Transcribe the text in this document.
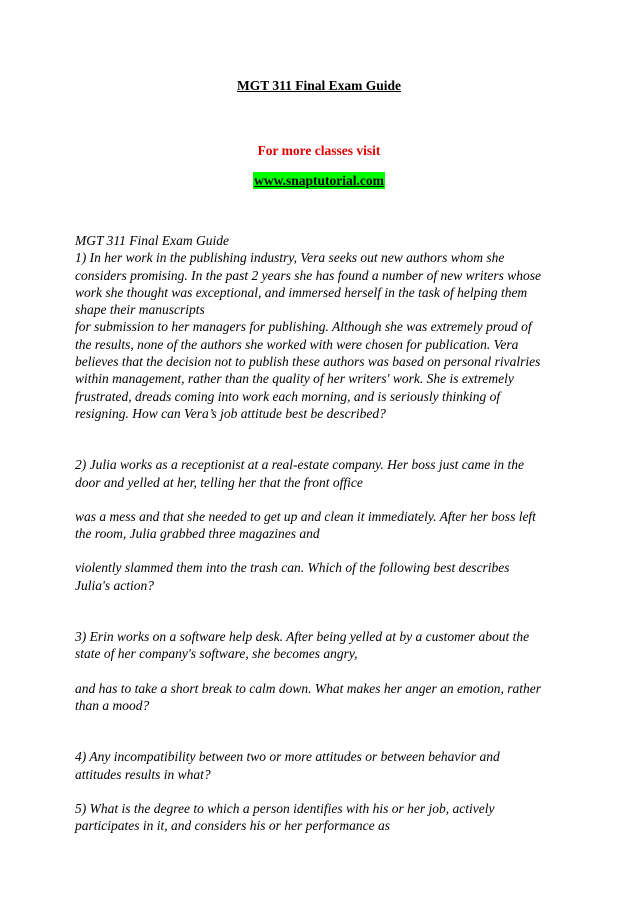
MGT 311 Final Exam Guide
For more classes visit
www.snaptutorial.com

MGT 311 Final Exam Guide

1) In her work in the publishing industry, Vera seeks out new authors whom she

considers promising. In the past 2 years she has found a number of new writers whose

work she thought was exceptional, and immersed herself in the task of helping them

shape their manuscripts

for submission to her managers for publishing. Although she was extremely proud of

the results, none of the authors she worked with were chosen for publication. Vera

believes that the decision not to publish these authors was based on personal rivalries

within management, rather than the quality of her writers' work. She is extremely

frustrated, dreads coming into work each morning, and is seriously thinking of

resigning. How can Vera’s job attitude best be described?

2) Julia works as a receptionist at a real-estate company. Her boss just came in the

door and yelled at her, telling her that the front office

was a mess and that she needed to get up and clean it immediately. After her boss left

the room, Julia grabbed three magazines and

violently slammed them into the trash can. Which of the following best describes

Julia's action?

3) Erin works on a software help desk. After being yelled at by a customer about the

state of her company's software, she becomes angry,

and has to take a short break to calm down. What makes her anger an emotion, rather

than a mood?

4) Any incompatibility between two or more attitudes or between behavior and

attitudes results in what?

5) What is the degree to which a person identifies with his or her job, actively

participates in it, and considers his or her performance as
